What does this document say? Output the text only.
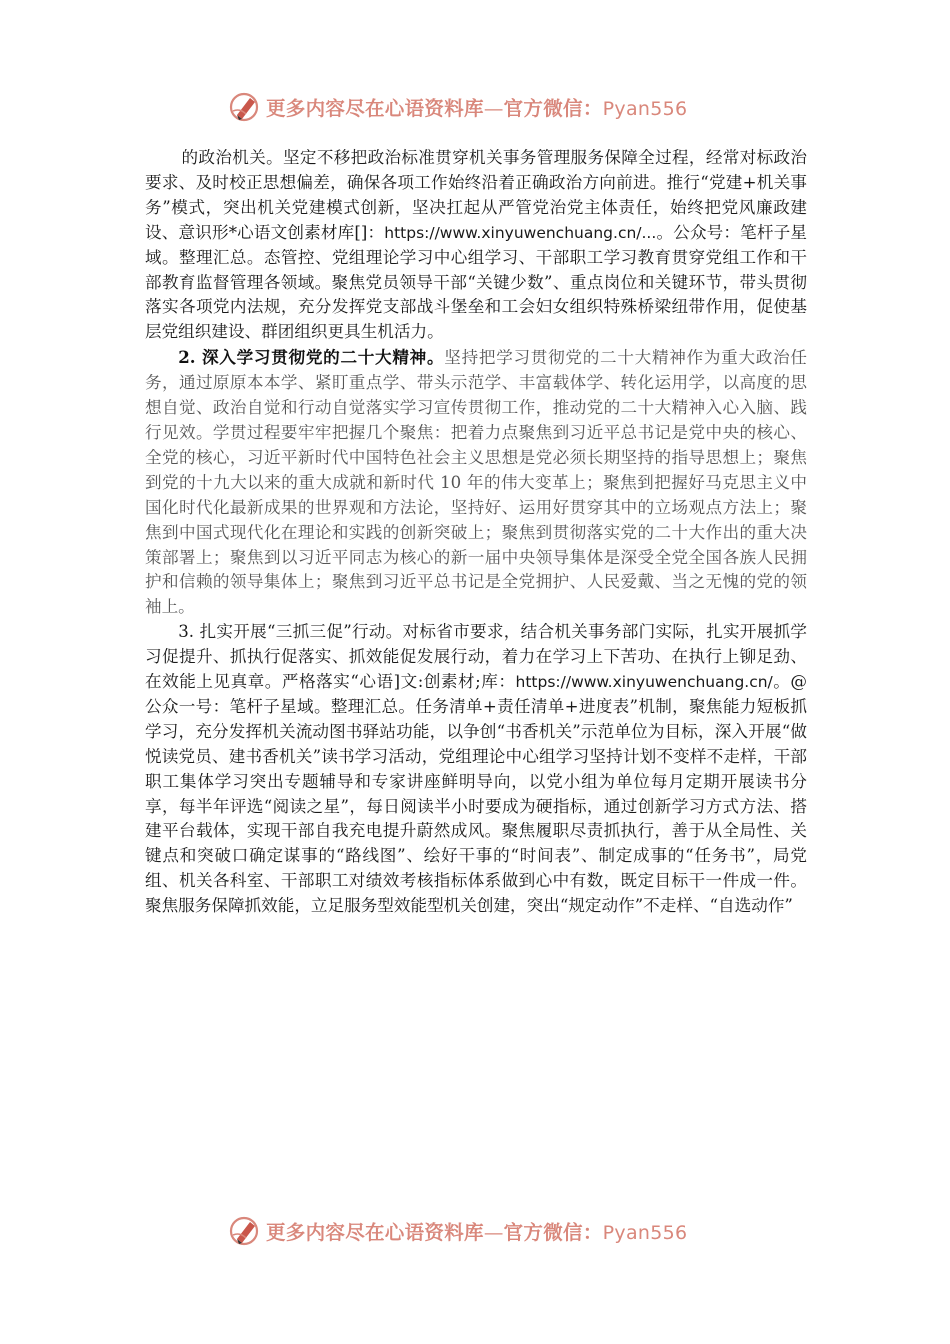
更多内容尽在心语资料库—官方微信：Pyan556

的政治机关。坚定不移把政治标准贯穿机关事务管理服务保障全过程，经常对标政治要求、及时校正思想偏差，确保各项工作始终沿着正确政治方向前进。推行“党建+机关事务”模式，突出机关党建模式创新，坚决扛起从严管党治党主体责任，始终把党风廉政建设、意识形*心语文创素材库[]：https://www.xinyuwenchuang.cn/...。公众号：笔杆子星域。整理汇总。态管控、党组理论学习中心组学习、干部职工学习教育贯穿党组工作和干部教育监督管理各领域。聚焦党员领导干部“关键少数”、重点岗位和关键环节，带头贯彻落实各项党内法规，充分发挥党支部战斗堡垒和工会妇女组织特殊桥梁纽带作用，促使基层党组织建设、群团组织更具生机活力。

2. 深入学习贯彻党的二十大精神。坚持把学习贯彻党的二十大精神作为重大政治任务，通过原原本本学、紧盯重点学、带头示范学、丰富载体学、转化运用学，以高度的思想自觉、政治自觉和行动自觉落实学习宣传贯彻工作，推动党的二十大精神入心入脑、践行见效。学贯过程要牢牢把握几个聚焦：把着力点聚焦到习近平总书记是党中央的核心、全党的核心，习近平新时代中国特色社会主义思想是党必须长期坚持的指导思想上；聚焦到党的十九大以来的重大成就和新时代 10 年的伟大变革上；聚焦到把握好马克思主义中国化时代化最新成果的世界观和方法论，坚持好、运用好贯穿其中的立场观点方法上；聚焦到中国式现代化在理论和实践的创新突破上；聚焦到贯彻落实党的二十大作出的重大决策部署上；聚焦到以习近平同志为核心的新一届中央领导集体是深受全党全国各族人民拥护和信赖的领导集体上；聚焦到习近平总书记是全党拥护、人民爱戴、当之无愧的党的领袖上。

3. 扎实开展“三抓三促”行动。对标省市要求，结合机关事务部门实际，扎实开展抓学习促提升、抓执行促落实、抓效能促发展行动，着力在学习上下苦功、在执行上铆足劲、在效能上见真章。严格落实“心语]文:创素材;库：https://www.xinyuwenchuang.cn/。@公众一号：笔杆子星域。整理汇总。任务清单+责任清单+进度表”机制，聚焦能力短板抓学习，充分发挥机关流动图书驿站功能，以争创“书香机关”示范单位为目标，深入开展“做悦读党员、建书香机关”读书学习活动，党组理论中心组学习坚持计划不变样不走样，干部职工集体学习突出专题辅导和专家讲座鲜明导向，以党小组为单位每月定期开展读书分享，每半年评选“阅读之星”，每日阅读半小时要成为硬指标，通过创新学习方式方法、搭建平台载体，实现干部自我充电提升蔚然成风。聚焦履职尽责抓执行，善于从全局性、关键点和突破口确定谋事的“路线图”、绘好干事的“时间表”、制定成事的“任务书”，局党组、机关各科室、干部职工对绩效考核指标体系做到心中有数，既定目标干一件成一件。聚焦服务保障抓效能，立足服务型效能型机关创建，突出“规定动作”不走样、“自选动作”

更多内容尽在心语资料库—官方微信：Pyan556
